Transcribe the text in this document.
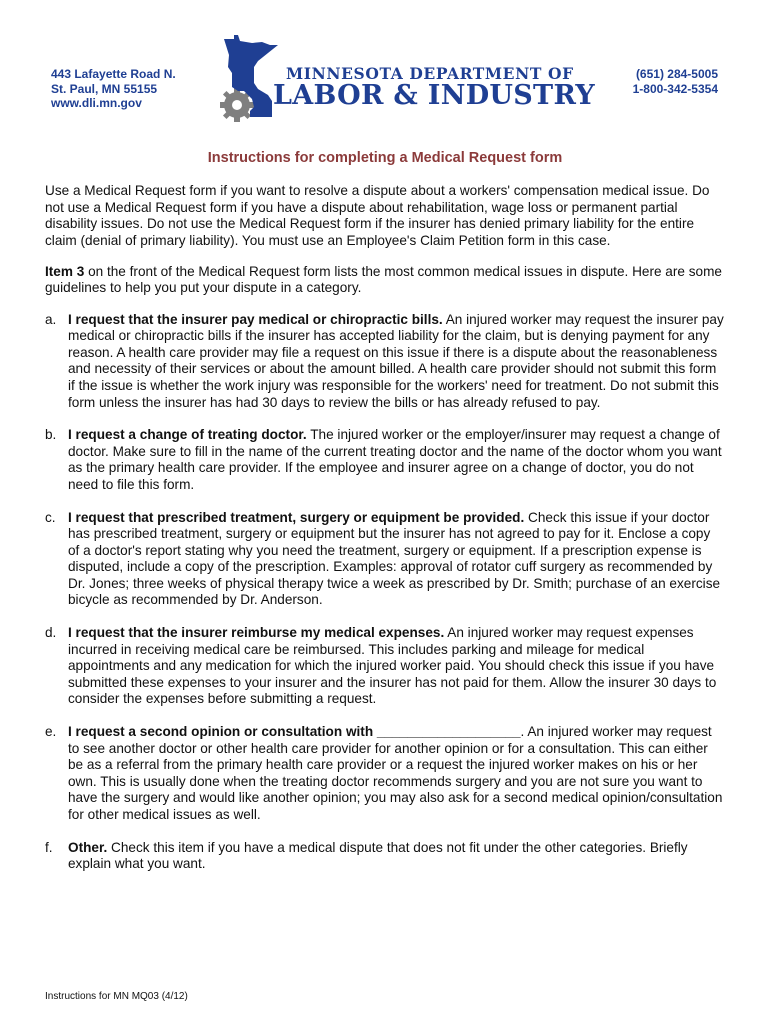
443 Lafayette Road N.
St. Paul, MN 55155
www.dli.mn.gov
MINNESOTA DEPARTMENT OF
LABOR & INDUSTRY
(651) 284-5005
1-800-342-5354
Instructions for completing a Medical Request form

Use a Medical Request form if you want to resolve a dispute about a workers' compensation medical issue. Do not use a Medical Request form if you have a dispute about rehabilitation, wage loss or permanent partial disability issues. Do not use the Medical Request form if the insurer has denied primary liability for the entire claim (denial of primary liability). You must use an Employee's Claim Petition form in this case.

Item 3 on the front of the Medical Request form lists the most common medical issues in dispute. Here are some guidelines to help you put your dispute in a category.

a. I request that the insurer pay medical or chiropractic bills. An injured worker may request the insurer pay medical or chiropractic bills if the insurer has accepted liability for the claim, but is denying payment for any reason. A health care provider may file a request on this issue if there is a dispute about the reasonableness and necessity of their services or about the amount billed. A health care provider should not submit this form if the issue is whether the work injury was responsible for the workers' need for treatment. Do not submit this form unless the insurer has had 30 days to review the bills or has already refused to pay.
b. I request a change of treating doctor. The injured worker or the employer/insurer may request a change of doctor. Make sure to fill in the name of the current treating doctor and the name of the doctor whom you want as the primary health care provider. If the employee and insurer agree on a change of doctor, you do not need to file this form.
c. I request that prescribed treatment, surgery or equipment be provided. Check this issue if your doctor has prescribed treatment, surgery or equipment but the insurer has not agreed to pay for it. Enclose a copy of a doctor's report stating why you need the treatment, surgery or equipment. If a prescription expense is disputed, include a copy of the prescription. Examples: approval of rotator cuff surgery as recommended by Dr. Jones; three weeks of physical therapy twice a week as prescribed by Dr. Smith; purchase of an exercise bicycle as recommended by Dr. Anderson.
d. I request that the insurer reimburse my medical expenses. An injured worker may request expenses incurred in receiving medical care be reimbursed. This includes parking and mileage for medical appointments and any medication for which the injured worker paid. You should check this issue if you have submitted these expenses to your insurer and the insurer has not paid for them. Allow the insurer 30 days to consider the expenses before submitting a request.
e. I request a second opinion or consultation with ___________________. An injured worker may request to see another doctor or other health care provider for another opinion or for a consultation. This can either be as a referral from the primary health care provider or a request the injured worker makes on his or her own. This is usually done when the treating doctor recommends surgery and you are not sure you want to have the surgery and would like another opinion; you may also ask for a second medical opinion/consultation for other medical issues as well.
f. Other. Check this item if you have a medical dispute that does not fit under the other categories. Briefly explain what you want.
Instructions for MN MQ03 (4/12)
